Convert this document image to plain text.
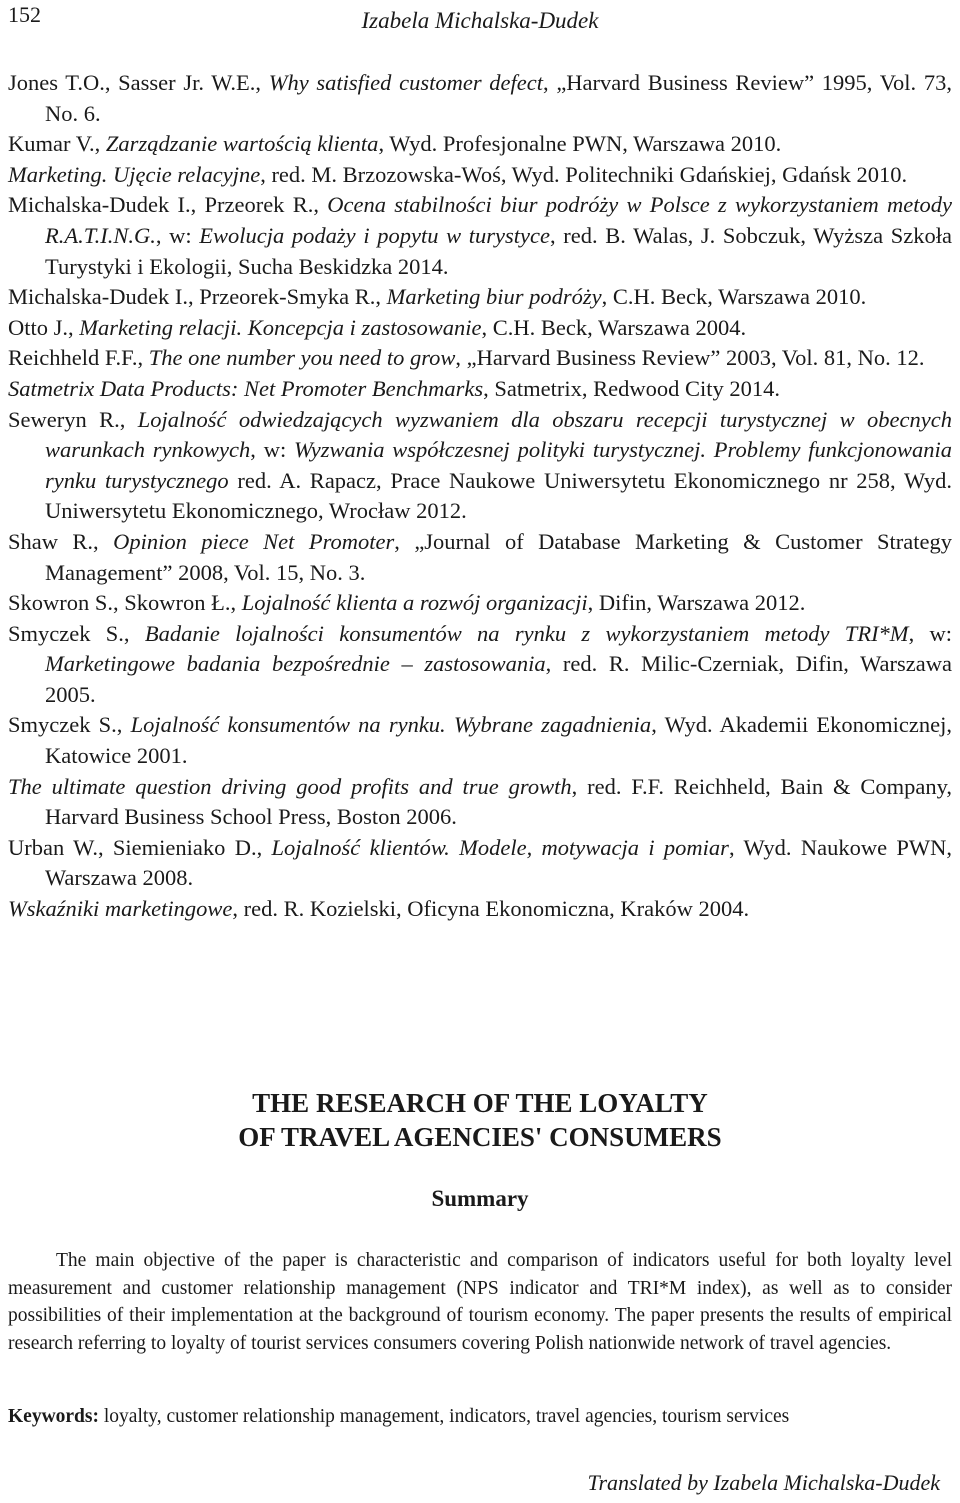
152	Izabela Michalska-Dudek

Jones T.O., Sasser Jr. W.E., Why satisfied customer defect, „Harvard Business Review” 1995, Vol. 73, No. 6.

Kumar V., Zarządzanie wartością klienta, Wyd. Profesjonalne PWN, Warszawa 2010.

Marketing. Ujęcie relacyjne, red. M. Brzozowska-Woś, Wyd. Politechniki Gdańskiej, Gdańsk 2010.

Michalska-Dudek I., Przeorek R., Ocena stabilności biur podróży w Polsce z wykorzystaniem metody R.A.T.I.N.G., w: Ewolucja podaży i popytu w turystyce, red. B. Walas, J. Sobczuk, Wyższa Szkoła Turystyki i Ekologii, Sucha Beskidzka 2014.

Michalska-Dudek I., Przeorek-Smyka R., Marketing biur podróży, C.H. Beck, Warszawa 2010.

Otto J., Marketing relacji. Koncepcja i zastosowanie, C.H. Beck, Warszawa 2004.

Reichheld F.F., The one number you need to grow, „Harvard Business Review” 2003, Vol. 81, No. 12.

Satmetrix Data Products: Net Promoter Benchmarks, Satmetrix, Redwood City 2014.

Seweryn R., Lojalność odwiedzających wyzwaniem dla obszaru recepcji turystycznej w obecnych warunkach rynkowych, w: Wyzwania współczesnej polityki turystycznej. Problemy funkcjonowania rynku turystycznego red. A. Rapacz, Prace Naukowe Uniwersytetu Ekonomicznego nr 258, Wyd. Uniwersytetu Ekonomicznego, Wrocław 2012.

Shaw R., Opinion piece Net Promoter, „Journal of Database Marketing & Customer Strategy Management” 2008, Vol. 15, No. 3.

Skowron S., Skowron Ł., Lojalność klienta a rozwój organizacji, Difin, Warszawa 2012.

Smyczek S., Badanie lojalności konsumentów na rynku z wykorzystaniem metody TRI*M, w: Marketingowe badania bezpośrednie – zastosowania, red. R. Milic-Czerniak, Difin, Warszawa 2005.

Smyczek S., Lojalność konsumentów na rynku. Wybrane zagadnienia, Wyd. Akademii Ekonomicznej, Katowice 2001.

The ultimate question driving good profits and true growth, red. F.F. Reichheld, Bain & Company, Harvard Business School Press, Boston 2006.

Urban W., Siemieniako D., Lojalność klientów. Modele, motywacja i pomiar, Wyd. Naukowe PWN, Warszawa 2008.

Wskaźniki marketingowe, red. R. Kozielski, Oficyna Ekonomiczna, Kraków 2004.

THE RESEARCH OF THE LOYALTY
OF TRAVEL AGENCIES' CONSUMERS
Summary

The main objective of the paper is characteristic and comparison of indicators useful for both loyalty level measurement and customer relationship management (NPS indicator and TRI*M index), as well as to consider possibilities of their implementation at the background of tourism economy. The paper presents the results of empirical research referring to loyalty of tourist services consumers covering Polish nationwide network of travel agencies.

Keywords: loyalty, customer relationship management, indicators, travel agencies, tourism services

Translated by Izabela Michalska-Dudek
